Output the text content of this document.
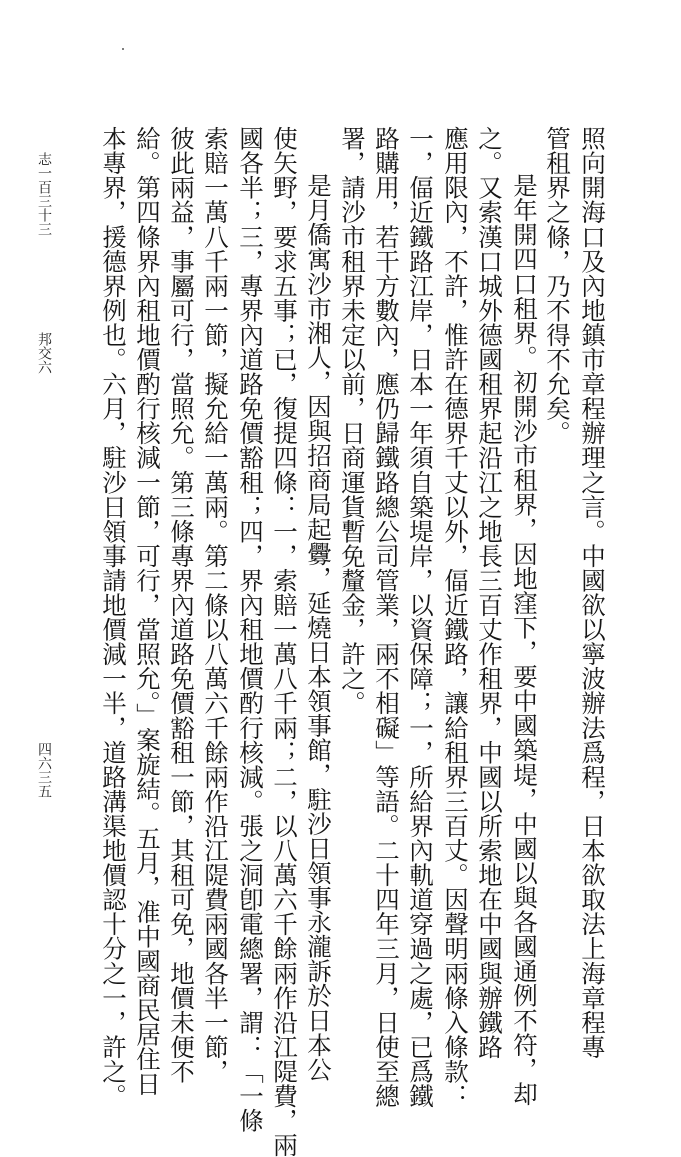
照向開海口及內地鎮市章程辦理之言。中國欲以寧波辦法爲程，日本欲取法上海章程專
管租界之條，乃不得不允矣。
是年開四口租界。初開沙市租界，因地窪下，要中國築堤，中國以與各國通例不符，却
之。又索漢口城外德國租界起沿江之地長三百丈作租界，中國以所索地在中國與辦鐵路
應用限內，不許，惟許在德界千丈以外，偪近鐵路，讓給租界三百丈。因聲明兩條入條款：
一，偪近鐵路江岸，日本一年須自築堤岸，以資保障；一，所給界內軌道穿過之處，已爲鐵
路購用，若干方數內，應仍歸鐵路總公司管業，兩不相礙」等語。二十四年三月，日使至總
署，請沙市租界未定以前，日商運貨暫免釐金，許之。
是月僑寓沙市湘人，因與招商局起釁，延燒日本領事館，駐沙日領事永瀧訴於日本公
使矢野，要求五事；已，復提四條：一，索賠一萬八千兩；二，以八萬六千餘兩作沿江隄費，兩
國各半；三，專界內道路免價豁租；四，界內租地價酌行核減。張之洞卽電總署，謂：「一條
索賠一萬八千兩一節，擬允給一萬兩。第二條以八萬六千餘兩作沿江隄費兩國各半一節，
彼此兩益，事屬可行，當照允。第三條專界內道路免價豁租一節，其租可免，地價未便不
給。第四條界內租地價酌行核減一節，可行，當照允。」案旋結。五月，准中國商民居住日
本專界，援德界例也。六月，駐沙日領事請地價減一半，道路溝渠地價認十分之一，許之。
志一百三十三
邦交六
四六三五
